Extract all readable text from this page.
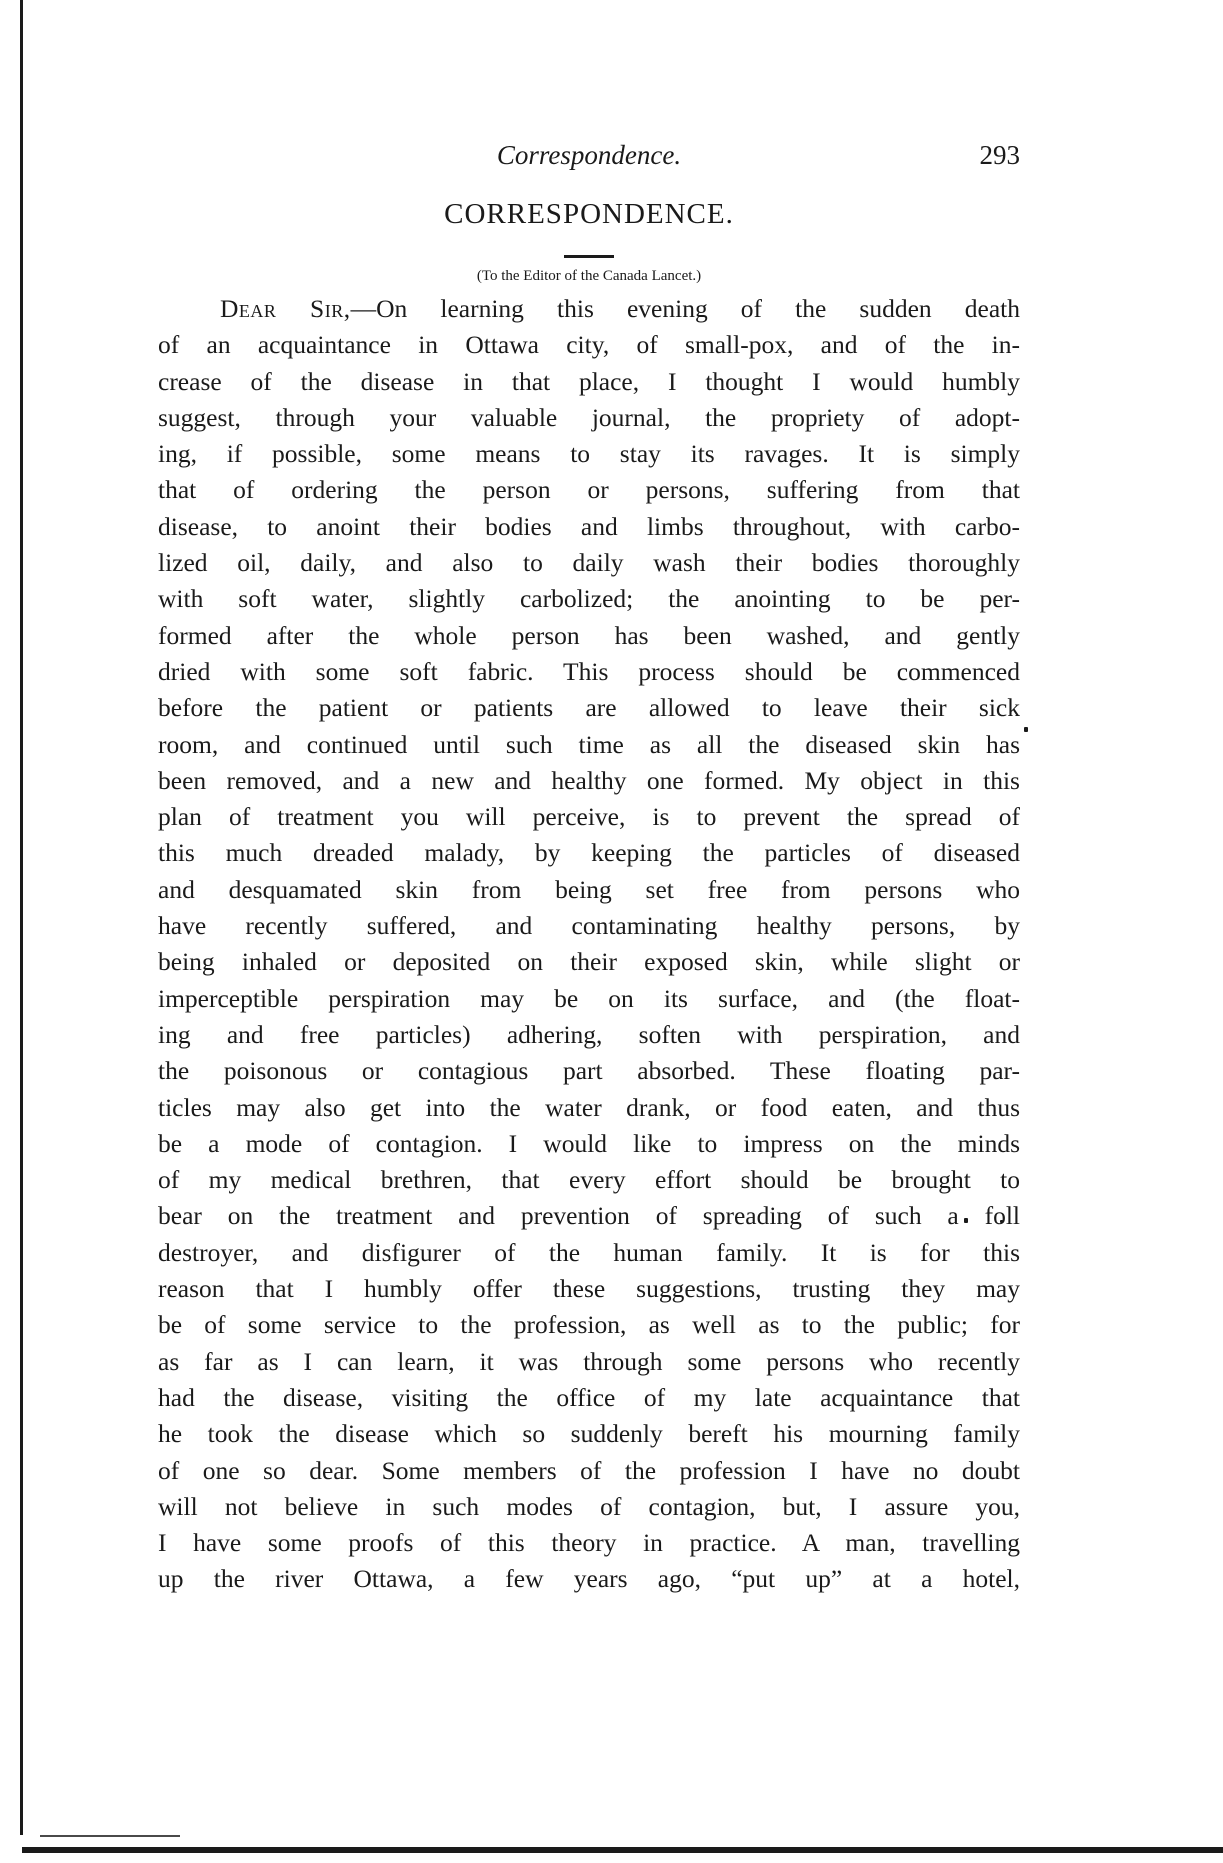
Correspondence.	293
CORRESPONDENCE.
(To the Editor of the Canada Lancet.)
Dear Sir,—On learning this evening of the sudden death
of an acquaintance in Ottawa city, of small-pox, and of the in-
crease of the disease in that place, I thought I would humbly
suggest, through your valuable journal, the propriety of adopt-
ing, if possible, some means to stay its ravages. It is simply
that of ordering the person or persons, suffering from that
disease, to anoint their bodies and limbs throughout, with carbo-
lized oil, daily, and also to daily wash their bodies thoroughly
with soft water, slightly carbolized; the anointing to be per-
formed after the whole person has been washed, and gently
dried with some soft fabric. This process should be commenced
before the patient or patients are allowed to leave their sick
room, and continued until such time as all the diseased skin has
been removed, and a new and healthy one formed. My object in this
plan of treatment you will perceive, is to prevent the spread of
this much dreaded malady, by keeping the particles of diseased
and desquamated skin from being set free from persons who
have recently suffered, and contaminating healthy persons, by
being inhaled or deposited on their exposed skin, while slight or
imperceptible perspiration may be on its surface, and (the float-
ing and free particles) adhering, soften with perspiration, and
the poisonous or contagious part absorbed. These floating par-
ticles may also get into the water drank, or food eaten, and thus
be a mode of contagion. I would like to impress on the minds
of my medical brethren, that every effort should be brought to
bear on the treatment and prevention of spreading of such a foll
destroyer, and disfigurer of the human family. It is for this
reason that I humbly offer these suggestions, trusting they may
be of some service to the profession, as well as to the public; for
as far as I can learn, it was through some persons who recently
had the disease, visiting the office of my late acquaintance that
he took the disease which so suddenly bereft his mourning family
of one so dear. Some members of the profession I have no doubt
will not believe in such modes of contagion, but, I assure you,
I have some proofs of this theory in practice. A man, travelling
up the river Ottawa, a few years ago, “put up” at a hotel,
